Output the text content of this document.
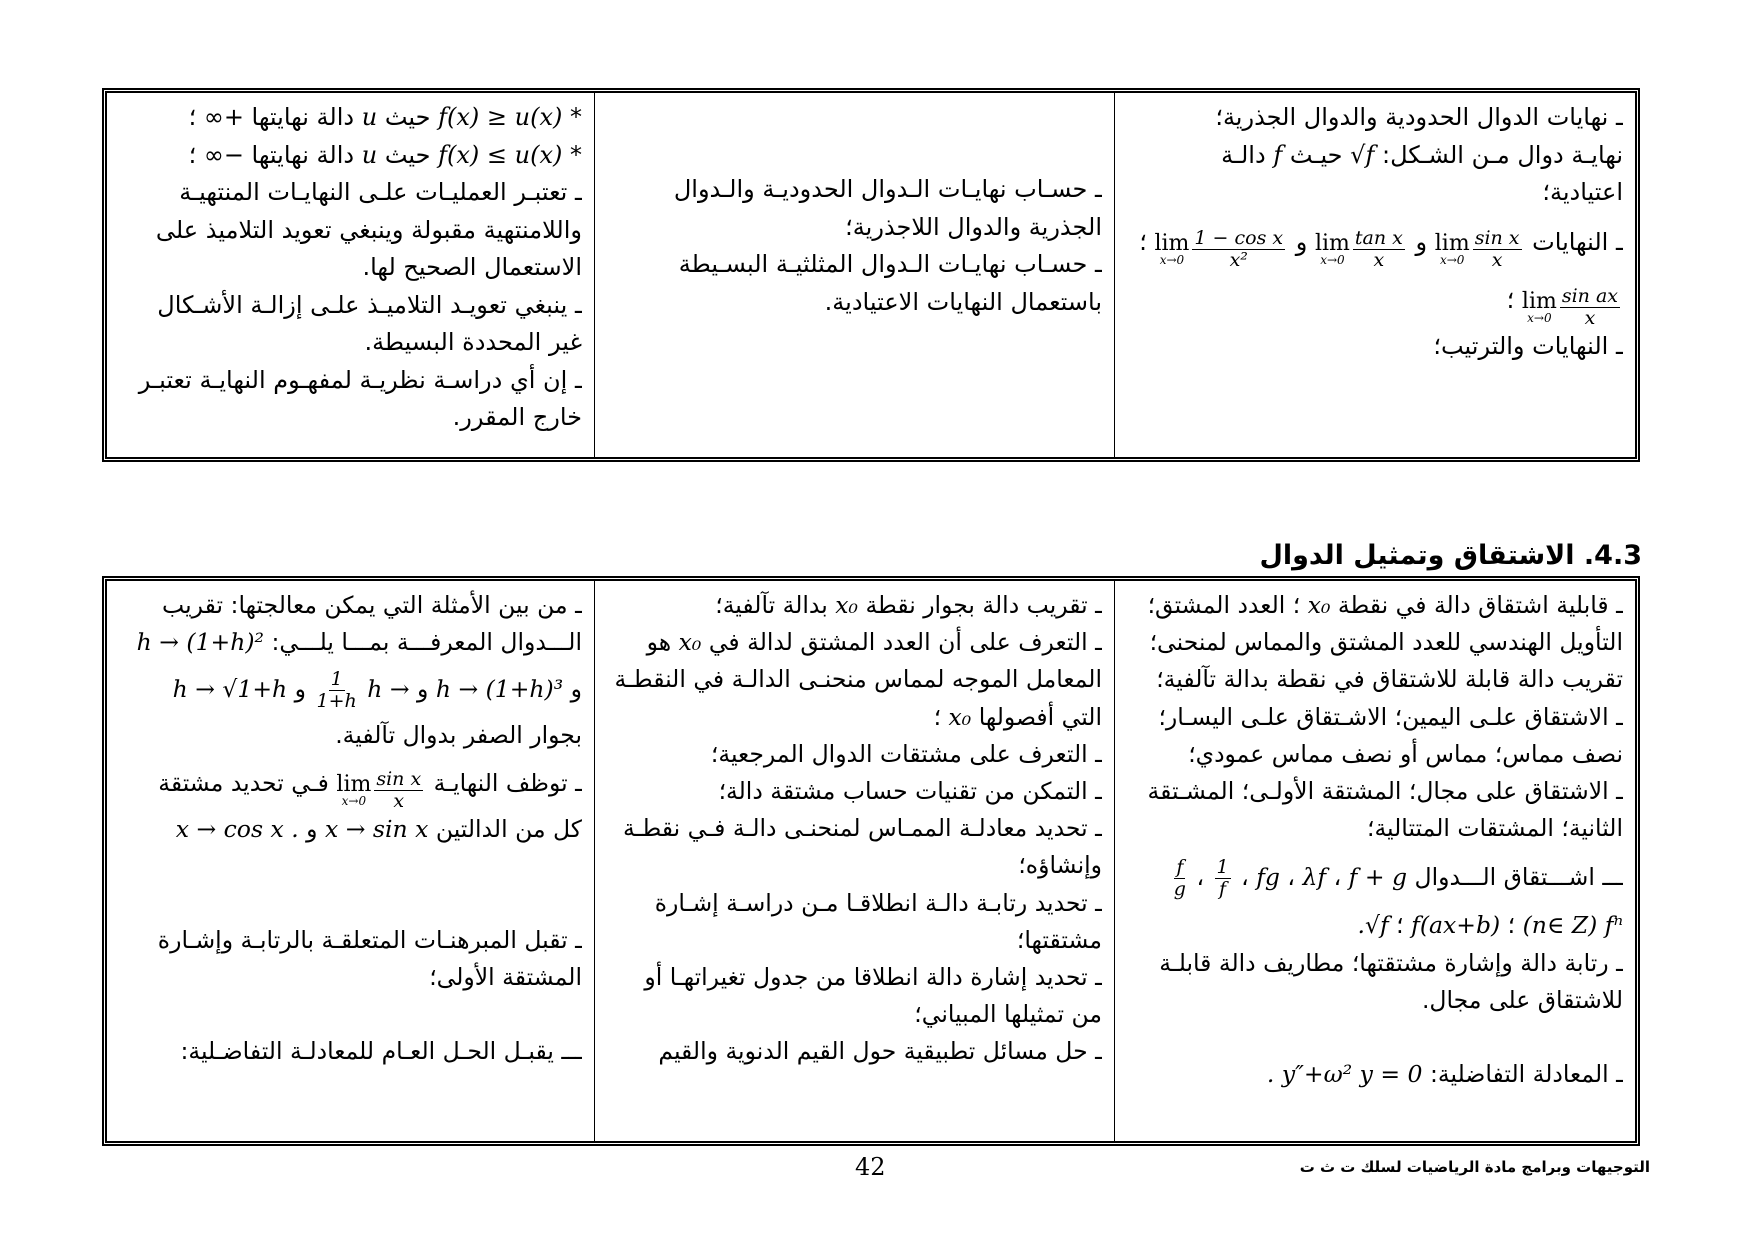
ـ نهايات الدوال الحدودية والدوال الجذرية؛
نهايـة دوال مـن الشـكل: √f حيـث f دالـة
اعتيادية؛
ـ النهايات
lim
$x\to 0 \frac{\text{sin x}}{x}$
و
lim
$x\to 0 \frac{\text{tan x}}{x}$
و
lim
$x\to 0 \frac{\text{1 − cos x}}{\text{x²}}$
؛
lim
$x\to 0 \frac{\text{sin ax}}{x}$
؛
ـ النهايات والترتيب؛
ـ حسـاب نهايـات الـدوال الحدوديـة والـدوال
الجذرية والدوال اللاجذرية؛
ـ حسـاب نهايـات الـدوال المثلثيـة البسـيطة
باستعمال النهايات الاعتيادية.
* f(x) ≥ u(x) حيث u دالة نهايتها +∞ ؛
* f(x) ≤ u(x) حيث u دالة نهايتها −∞ ؛
ـ تعتبـر العمليـات علـى النهايـات المنتهيـة
واللامنتهية مقبولة وينبغي تعويد التلاميذ على
الاستعمال الصحيح لها.
ـ ينبغي تعويـد التلاميـذ علـى إزالـة الأشـكال
غير المحددة البسيطة.
ـ إن أي دراسـة نظريـة لمفهـوم النهايـة تعتبـر
خارج المقرر.
4.3. الاشتقاق وتمثيل الدوال
ـ قابلية اشتقاق دالة في نقطة x₀ ؛ العدد المشتق؛
التأويل الهندسي للعدد المشتق والمماس لمنحنى؛
تقريب دالة قابلة للاشتقاق في نقطة بدالة تآلفية؛
ـ الاشتقاق علـى اليمين؛ الاشـتقاق علـى اليسـار؛
نصف مماس؛ مماس أو نصف مماس عمودي؛
ـ الاشتقاق على مجال؛ المشتقة الأولـى؛ المشـتقة
الثانية؛ المشتقات المتتالية؛
ـــ اشـــتقاق الـــدوال f + g ، λf ، fg ،
$\frac{1}{f}$
،
$\frac{f}{g}$
(n∈ Z) fⁿ ؛ f(ax+b) ؛ .√f
ـ رتابة دالة وإشارة مشتقتها؛ مطاريف دالة قابلـة
للاشتقاق على مجال.
ـ المعادلة التفاضلية: . y″+ω² y = 0
ـ تقريب دالة بجوار نقطة x₀ بدالة تآلفية؛
ـ التعرف على أن العدد المشتق لدالة في x₀ هو
المعامل الموجه لمماس منحنـى الدالـة في النقطـة
التي أفصولها x₀ ؛
ـ التعرف على مشتقات الدوال المرجعية؛
ـ التمكن من تقنيات حساب مشتقة دالة؛
ـ تحديد معادلـة الممـاس لمنحنـى دالـة فـي نقطـة
وإنشاؤه؛
ـ تحديد رتابـة دالـة انطلاقـا مـن دراسـة إشـارة
مشتقتها؛
ـ تحديد إشارة دالة انطلاقا من جدول تغيراتهـا أو
من تمثيلها المبياني؛
ـ حل مسائل تطبيقية حول القيم الدنوية والقيم
ـ من بين الأمثلة التي يمكن معالجتها: تقريب
الـــدوال المعرفـــة بمـــا يلـــي: h → (1+h)²
و h → (1+h)³ و h →
$\frac{1}{1+h}$
و h → √1+h
بجوار الصفر بدوال تآلفية.
ـ توظف النهايـة
lim
$x\to 0 \frac{\text{sin x}}{x}$
فـي تحديد مشتقة
كل من الدالتين x → sin x و x → cos x .
ـ تقبل المبرهنـات المتعلقـة بالرتابـة وإشـارة
المشتقة الأولى؛
ـــ يقبـل الحـل العـام للمعادلـة التفاضـلية:
42	التوجيهات وبرامج مادة الرياضيات لسلك ت ث ت
